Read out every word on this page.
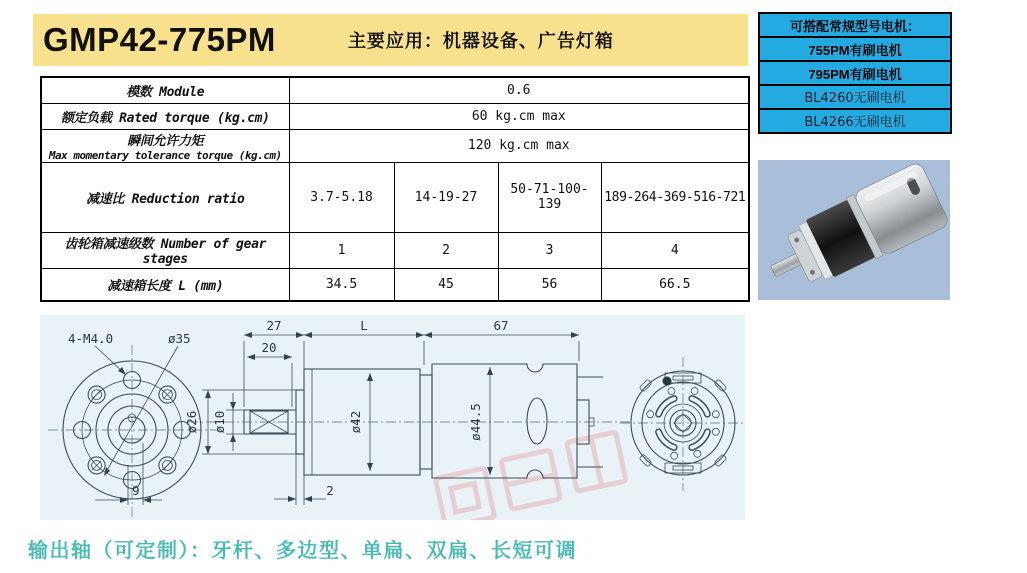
GMP42-775PM	主要应用：机器设备、广告灯箱
模数 Module	0.6			
额定负载 Rated torque (kg.cm)	60 kg.cm max			
瞬间允许力矩
Max momentary tolerance torque (kg.cm)	120 kg.cm max			
减速比 Reduction ratio	3.7-5.18	14-19-27	50-71-100-139	189-264-369-516-721
齿轮箱减速级数 Number of gear stages	1	2	3	4
减速箱长度 L (mm)	34.5	45	56	66.5
可搭配常规型号电机：
755PM有刷电机
795PM有刷电机
BL4260无刷电机
BL4266无刷电机
4-M4.0	ø35
9
27	L	67
20
ø26 ø10	ø42	ø44.5
2
输出轴（可定制）：牙杆、多边型、单扁、双扁、长短可调
